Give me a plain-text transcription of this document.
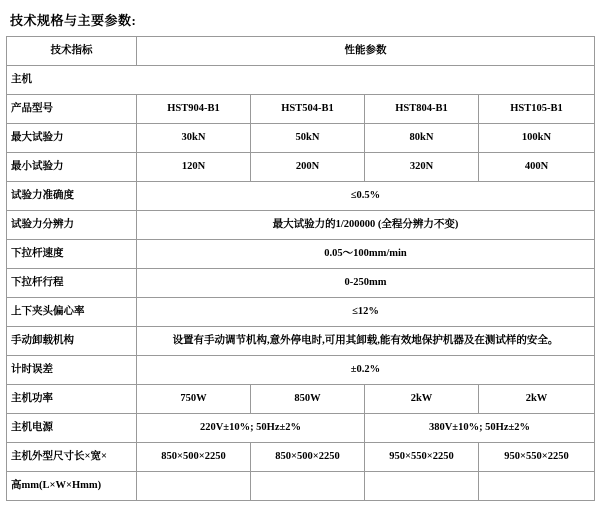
技术规格与主要参数:
技术指标	性能参数			
主机				
产品型号	HST904-B1	HST504-B1	HST804-B1	HST105-B1
最大试验力	30kN	50kN	80kN	100kN
最小试验力	120N	200N	320N	400N
试验力准确度	≤0.5%			
试验力分辨力	最大试验力的1/200000 (全程分辨力不变)			
下拉杆速度	0.05～100mm/min			
下拉杆行程	0-250mm			
上下夹头偏心率	≤12%			
手动卸载机构	设置有手动调节机构,意外停电时,可用其卸载,能有效地保护机器及在测试样的安全。			
计时误差	±0.2%			
主机功率	750W	850W	2kW	2kW
主机电源	220V±10%; 50Hz±2%		380V±10%; 50Hz±2%	
主机外型尺寸长×宽×	850×500×2250	850×500×2250	950×550×2250	950×550×2250
高mm(L×W×Hmm)				
